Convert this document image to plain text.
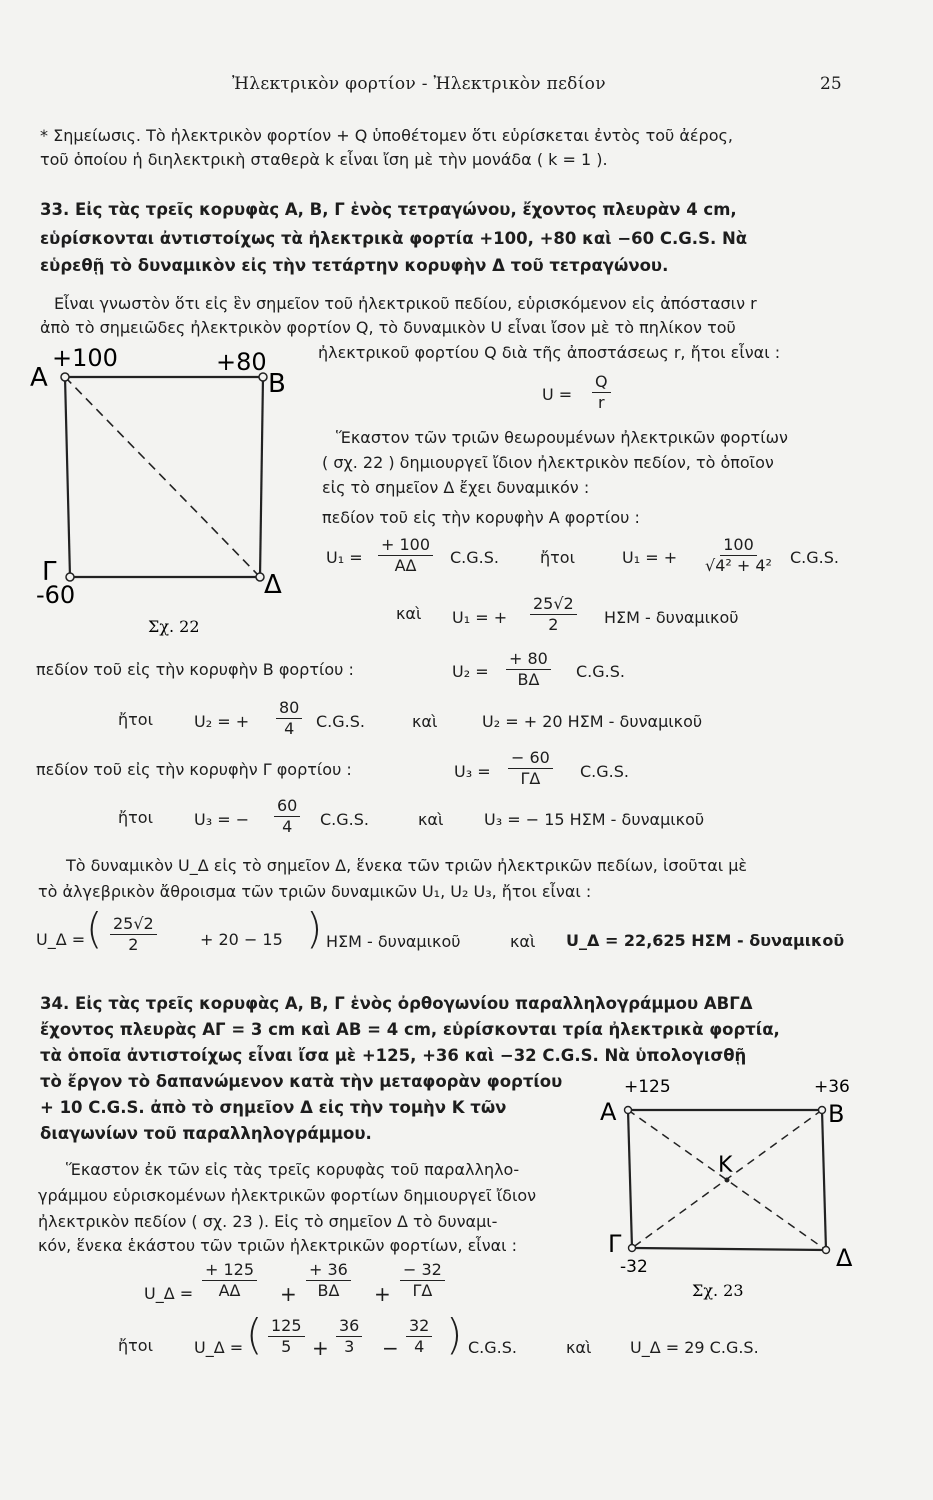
Ἠλεκτρικὸν φορτίον - Ἠλεκτρικὸν πεδίον	25
* Σημείωσις. Τὸ ἠλεκτρικὸν φορτίον + Q ὑποθέτομεν ὅτι εὑρίσκεται ἐντὸς τοῦ ἀέρος,
τοῦ ὁποίου ἡ διηλεκτρικὴ σταθερὰ k εἶναι ἴση μὲ τὴν μονάδα ( k = 1 ).
33. Εἰς τὰς τρεῖς κορυφὰς Α, Β, Γ ἑνὸς τετραγώνου, ἔχοντος πλευρὰν 4 cm,
εὑρίσκονται ἀντιστοίχως τὰ ἠλεκτρικὰ φορτία +100, +80 καὶ −60 C.G.S. Νὰ
εὑρεθῇ τὸ δυναμικὸν εἰς τὴν τετάρτην κορυφὴν Δ τοῦ τετραγώνου.
Εἶναι γνωστὸν ὅτι εἰς ἓν σημεῖον τοῦ ἠλεκτρικοῦ πεδίου, εὑρισκόμενον εἰς ἀπόστασιν r
ἀπὸ τὸ σημειῶδες ἠλεκτρικὸν φορτίον Q, τὸ δυναμικὸν U εἶναι ἴσον μὲ τὸ πηλίκον τοῦ
ἠλεκτρικοῦ φορτίου Q διὰ τῆς ἀποστάσεως r, ἤτοι εἶναι :
U =
Q
r
Ἕκαστον τῶν τριῶν θεωρουμένων ἠλεκτρικῶν φορτίων
( σχ. 22 ) δημιουργεῖ ἴδιον ἠλεκτρικὸν πεδίον, τὸ ὁποῖον
εἰς τὸ σημεῖον Δ ἔχει δυναμικόν :
πεδίον τοῦ εἰς τὴν κορυφὴν Α φορτίου :
Α
+100	+80
Β
Γ
-60	Δ
Σχ. 22
U₁ =
+ 100
ΑΔ C.G.S.	ἤτοι	U₁ = +
100
√4² + 4² C.G.S.
καὶ U₁ = +
25√2
2	ΗΣΜ - δυναμικοῦ
πεδίον τοῦ εἰς τὴν κορυφὴν Β φορτίου :	U₂ =
+ 80
ΒΔ C.G.S.
ἤτοι	U₂ = +
80
4 C.G.S.	καὶ	U₂ = + 20 ΗΣΜ - δυναμικοῦ
πεδίον τοῦ εἰς τὴν κορυφὴν Γ φορτίου :	U₃ =
− 60
ΓΔ C.G.S.
ἤτοι	U₃ = −
60
4 C.G.S.	καὶ	U₃ = − 15 ΗΣΜ - δυναμικοῦ
Τὸ δυναμικὸν U_Δ εἰς τὸ σημεῖον Δ, ἕνεκα τῶν τριῶν ἠλεκτρικῶν πεδίων, ἰσοῦται μὲ
τὸ ἀλγεβρικὸν ἄθροισμα τῶν τριῶν δυναμικῶν U₁, U₂ U₃, ἤτοι εἶναι :
U_Δ = ( 25√2
2	+ 20 − 15 ) ΗΣΜ - δυναμικοῦ	καὶ U_Δ = 22,625 ΗΣΜ - δυναμικοῦ
34. Εἰς τὰς τρεῖς κορυφὰς Α, Β, Γ ἑνὸς ὀρθογωνίου παραλληλογράμμου ΑΒΓΔ
ἔχοντος πλευρὰς ΑΓ = 3 cm καὶ ΑΒ = 4 cm, εὑρίσκονται τρία ἠλεκτρικὰ φορτία,
τὰ ὁποῖα ἀντιστοίχως εἶναι ἴσα μὲ +125, +36 καὶ −32 C.G.S. Νὰ ὑπολογισθῇ
τὸ ἔργον τὸ δαπανώμενον κατὰ τὴν μεταφορὰν φορτίου
+ 10 C.G.S. ἀπὸ τὸ σημεῖον Δ εἰς τὴν τομὴν Κ τῶν
διαγωνίων τοῦ παραλληλογράμμου.
Ἕκαστον ἐκ τῶν εἰς τὰς τρεῖς κορυφὰς τοῦ παραλληλο-
γράμμου εὑρισκομένων ἠλεκτρικῶν φορτίων δημιουργεῖ ἴδιον
ἠλεκτρικὸν πεδίον ( σχ. 23 ). Εἰς τὸ σημεῖον Δ τὸ δυναμι-
κόν, ἕνεκα ἑκάστου τῶν τριῶν ἠλεκτρικῶν φορτίων, εἶναι :
U_Δ =
+ 125
ΑΔ +
+ 36
ΒΔ +
− 32
ΓΔ
ἤτοι	U_Δ = ( 125
5 +
36
3 −
32
4 ) C.G.S.	καὶ U_Δ = 29 C.G.S.
Α
+125	+36
Β
Κ
Γ
-32	Δ
Σχ. 23
